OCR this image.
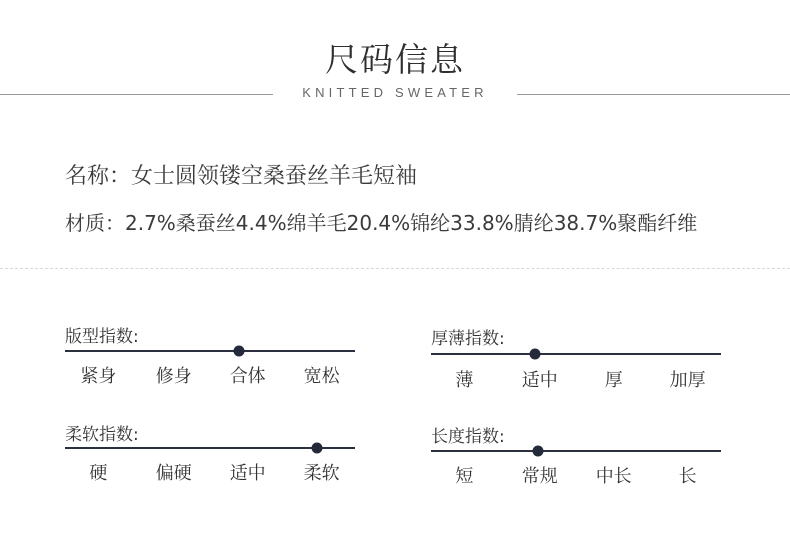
尺码信息
KNITTED SWEATER
名称：女士圆领镂空桑蚕丝羊毛短袖
材质：2.7%桑蚕丝4.4%绵羊毛20.4%锦纶33.8%腈纶38.7%聚酯纤维
版型指数:
紧身	修身	合体	宽松
厚薄指数:
薄	适中	厚	加厚
柔软指数:
硬	偏硬	适中	柔软
长度指数:
短	常规	中长	长
